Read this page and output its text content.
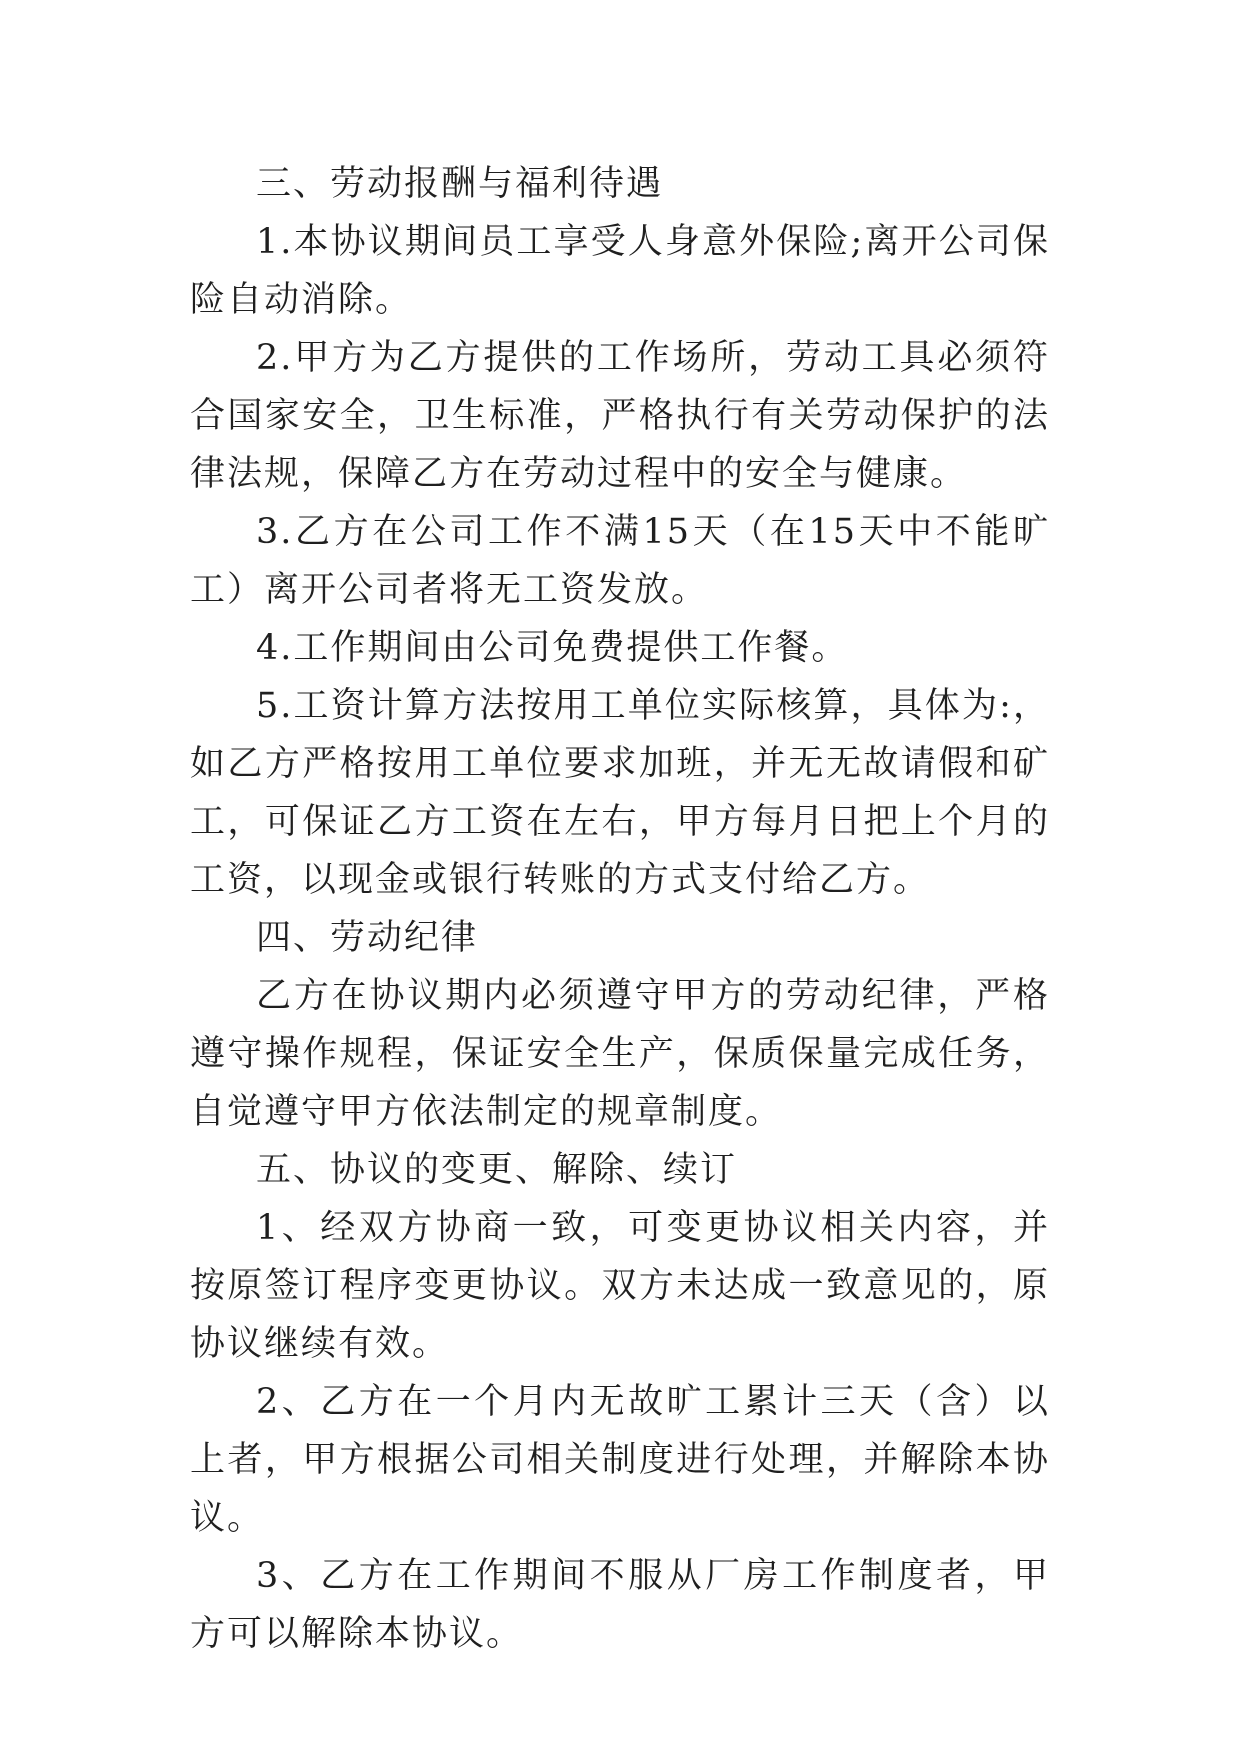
三、劳动报酬与福利待遇

1.本协议期间员工享受人身意外保险;离开公司保险自动消除。

2.甲方为乙方提供的工作场所，劳动工具必须符合国家安全，卫生标准，严格执行有关劳动保护的法律法规，保障乙方在劳动过程中的安全与健康。

3.乙方在公司工作不满15天（在15天中不能旷工）离开公司者将无工资发放。

4.工作期间由公司免费提供工作餐。

5.工资计算方法按用工单位实际核算，具体为:，如乙方严格按用工单位要求加班，并无无故请假和矿工，可保证乙方工资在左右，甲方每月日把上个月的工资，以现金或银行转账的方式支付给乙方。

四、劳动纪律

乙方在协议期内必须遵守甲方的劳动纪律，严格遵守操作规程，保证安全生产，保质保量完成任务，自觉遵守甲方依法制定的规章制度。

五、协议的变更、解除、续订

1、经双方协商一致，可变更协议相关内容，并按原签订程序变更协议。双方未达成一致意见的，原协议继续有效。

2、乙方在一个月内无故旷工累计三天（含）以上者，甲方根据公司相关制度进行处理，并解除本协议。

3、乙方在工作期间不服从厂房工作制度者，甲方可以解除本协议。
